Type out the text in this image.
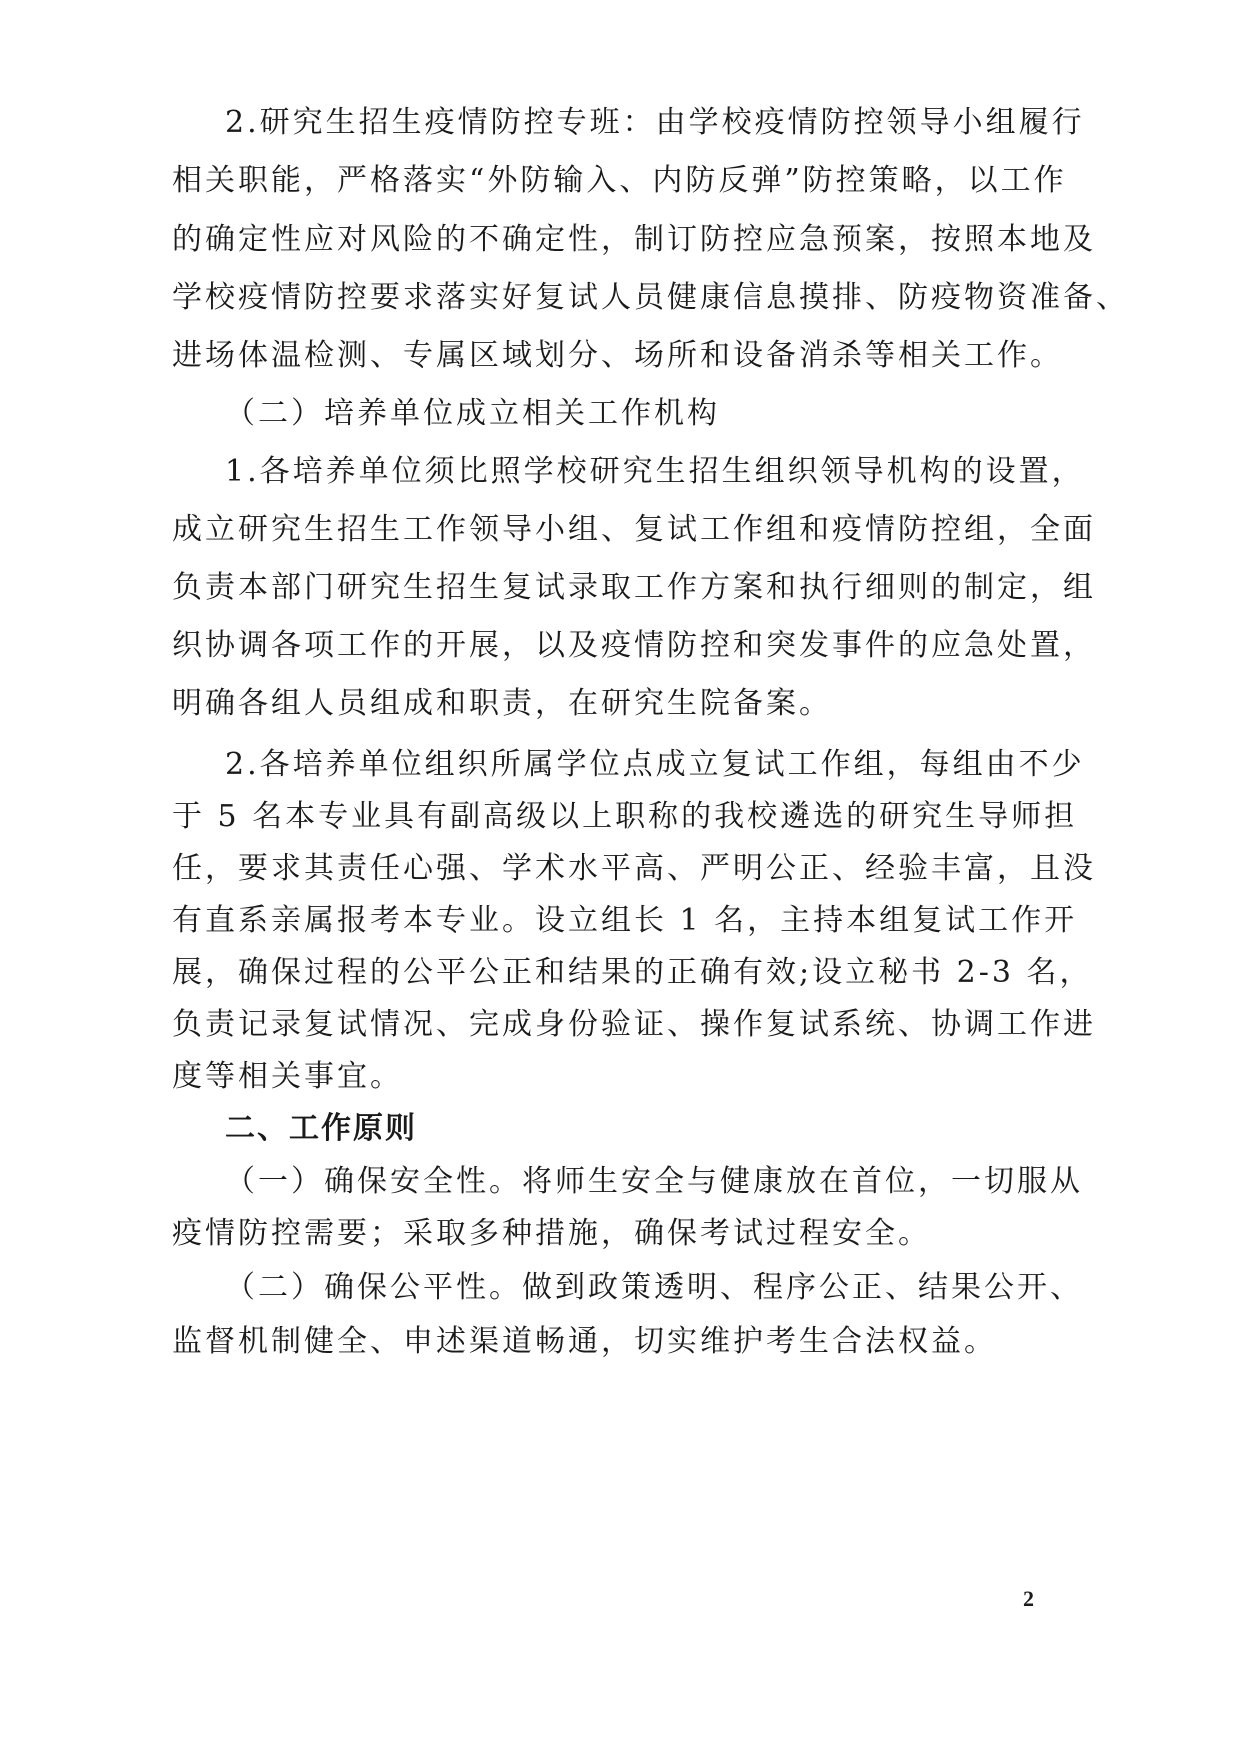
2.研究生招生疫情防控专班：由学校疫情防控领导小组履行
相关职能，严格落实“外防输入、内防反弹”防控策略，以工作
的确定性应对风险的不确定性，制订防控应急预案，按照本地及
学校疫情防控要求落实好复试人员健康信息摸排、防疫物资准备、
进场体温检测、专属区域划分、场所和设备消杀等相关工作。
（二）培养单位成立相关工作机构
1.各培养单位须比照学校研究生招生组织领导机构的设置，
成立研究生招生工作领导小组、复试工作组和疫情防控组，全面
负责本部门研究生招生复试录取工作方案和执行细则的制定，组
织协调各项工作的开展，以及疫情防控和突发事件的应急处置，
明确各组人员组成和职责，在研究生院备案。
2.各培养单位组织所属学位点成立复试工作组，每组由不少
于 5 名本专业具有副高级以上职称的我校遴选的研究生导师担
任，要求其责任心强、学术水平高、严明公正、经验丰富，且没
有直系亲属报考本专业。设立组长 1 名，主持本组复试工作开
展，确保过程的公平公正和结果的正确有效;设立秘书 2-3 名，
负责记录复试情况、完成身份验证、操作复试系统、协调工作进
度等相关事宜。
二、工作原则
（一）确保安全性。将师生安全与健康放在首位，一切服从
疫情防控需要；采取多种措施，确保考试过程安全。
（二）确保公平性。做到政策透明、程序公正、结果公开、
监督机制健全、申述渠道畅通，切实维护考生合法权益。
2
